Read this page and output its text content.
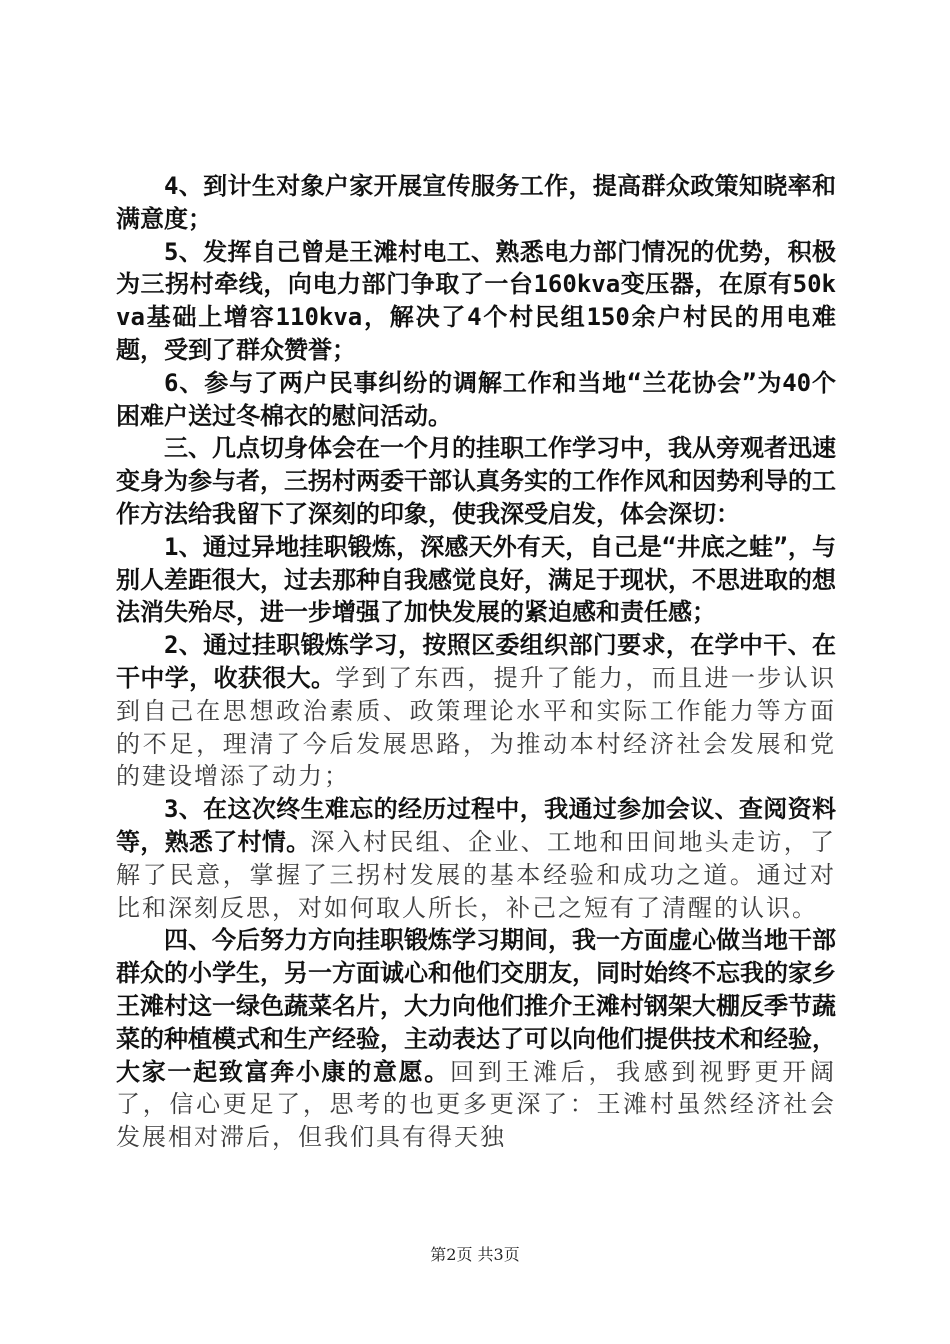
4、到计生对象户家开展宣传服务工作，提高群众政策知晓率和满意度；

5、发挥自己曾是王滩村电工、熟悉电力部门情况的优势，积极为三拐村牵线，向电力部门争取了一台160kva变压器，在原有50kva基础上增容110kva，解决了4个村民组150余户村民的用电难题，受到了群众赞誉；

6、参与了两户民事纠纷的调解工作和当地“兰花协会”为40个困难户送过冬棉衣的慰问活动。

三、几点切身体会在一个月的挂职工作学习中，我从旁观者迅速变身为参与者，三拐村两委干部认真务实的工作作风和因势利导的工作方法给我留下了深刻的印象，使我深受启发，体会深切：

1、通过异地挂职锻炼，深感天外有天，自己是“井底之蛙”，与别人差距很大，过去那种自我感觉良好，满足于现状，不思进取的想法消失殆尽，进一步增强了加快发展的紧迫感和责任感；

2、通过挂职锻炼学习，按照区委组织部门要求，在学中干、在干中学，收获很大。学到了东西，提升了能力，而且进一步认识到自己在思想政治素质、政策理论水平和实际工作能力等方面的不足，理清了今后发展思路，为推动本村经济社会发展和党的建设增添了动力；

3、在这次终生难忘的经历过程中，我通过参加会议、查阅资料等，熟悉了村情。深入村民组、企业、工地和田间地头走访，了解了民意，掌握了三拐村发展的基本经验和成功之道。通过对比和深刻反思，对如何取人所长，补己之短有了清醒的认识。

四、今后努力方向挂职锻炼学习期间，我一方面虚心做当地干部群众的小学生，另一方面诚心和他们交朋友，同时始终不忘我的家乡王滩村这一绿色蔬菜名片，大力向他们推介王滩村钢架大棚反季节蔬菜的种植模式和生产经验，主动表达了可以向他们提供技术和经验，大家一起致富奔小康的意愿。回到王滩后，我感到视野更开阔了，信心更足了，思考的也更多更深了：王滩村虽然经济社会发展相对滞后，但我们具有得天独

第2页 共3页
